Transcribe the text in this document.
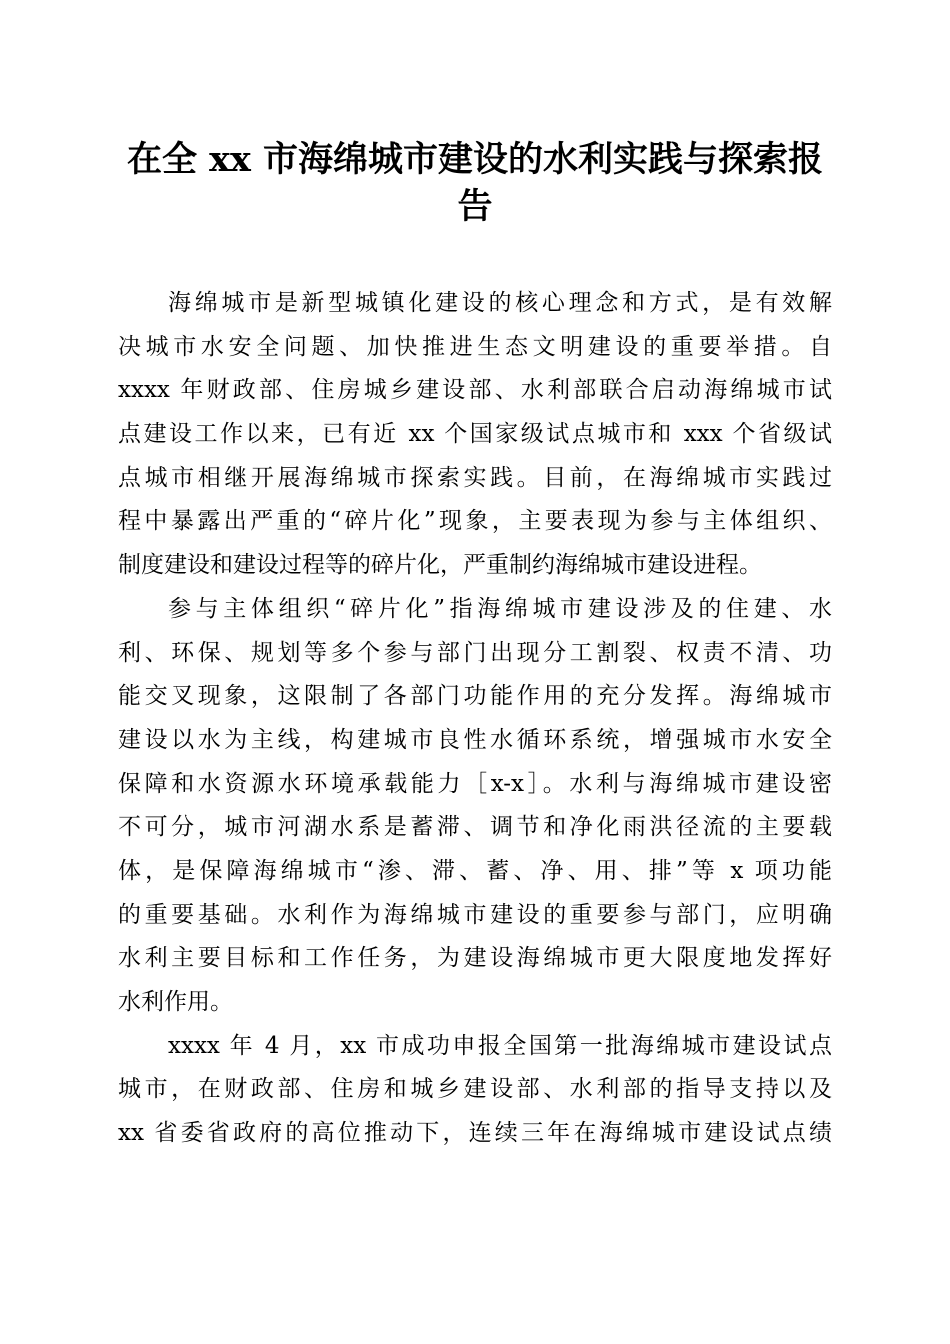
在全 xx 市海绵城市建设的水利实践与探索报
告
海绵城市是新型城镇化建设的核心理念和方式，是有效解
决城市水安全问题、加快推进生态文明建设的重要举措。自
xxxx 年财政部、住房城乡建设部、水利部联合启动海绵城市试
点建设工作以来，已有近 xx 个国家级试点城市和 xxx 个省级试
点城市相继开展海绵城市探索实践。目前，在海绵城市实践过
程中暴露出严重的“碎片化”现象，主要表现为参与主体组织、
制度建设和建设过程等的碎片化，严重制约海绵城市建设进程。
参与主体组织“碎片化”指海绵城市建设涉及的住建、水
利、环保、规划等多个参与部门出现分工割裂、权责不清、功
能交叉现象，这限制了各部门功能作用的充分发挥。海绵城市
建设以水为主线，构建城市良性水循环系统，增强城市水安全
保障和水资源水环境承载能力［x-x］。水利与海绵城市建设密
不可分，城市河湖水系是蓄滞、调节和净化雨洪径流的主要载
体，是保障海绵城市“渗、滞、蓄、净、用、排”等 x 项功能
的重要基础。水利作为海绵城市建设的重要参与部门，应明确
水利主要目标和工作任务，为建设海绵城市更大限度地发挥好
水利作用。
xxxx 年 4 月，xx 市成功申报全国第一批海绵城市建设试点
城市，在财政部、住房和城乡建设部、水利部的指导支持以及
xx 省委省政府的高位推动下，连续三年在海绵城市建设试点绩
